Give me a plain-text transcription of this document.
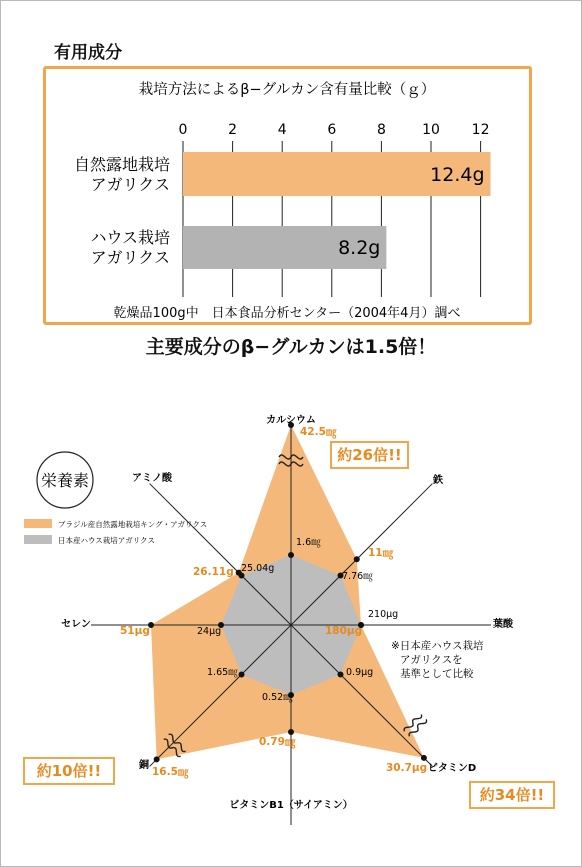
有用成分
栽培方法によるβ−グルカン含有量比較（ｇ）
0	2	4	6	8	10 12
自然露地栽培
アガリクス	12.4g
ハウス栽培
アガリクス	8.2g
乾燥品100g中　日本食品分析センター（2004年4月）調べ
主要成分のβ−グルカンは1.5倍！
カルシウム
鉄
葉酸
ビタミンD
ビタミンB1（サイアミン）
銅
セレン
アミノ酸
42.5㎎
11㎎
180μg
30.7μg
0.79㎎
16.5㎎
51μg
26.11g
1.6㎎
7.76㎎
210μg
0.9μg
0.52㎎
1.65㎎
24μg
25.04g
約26倍!!
約10倍!!
約34倍!!
栄養素
ブラジル産自然露地栽培キング・アガリクス
日本産ハウス栽培アガリクス
※日本産ハウス栽培
アガリクスを
基準として比較
